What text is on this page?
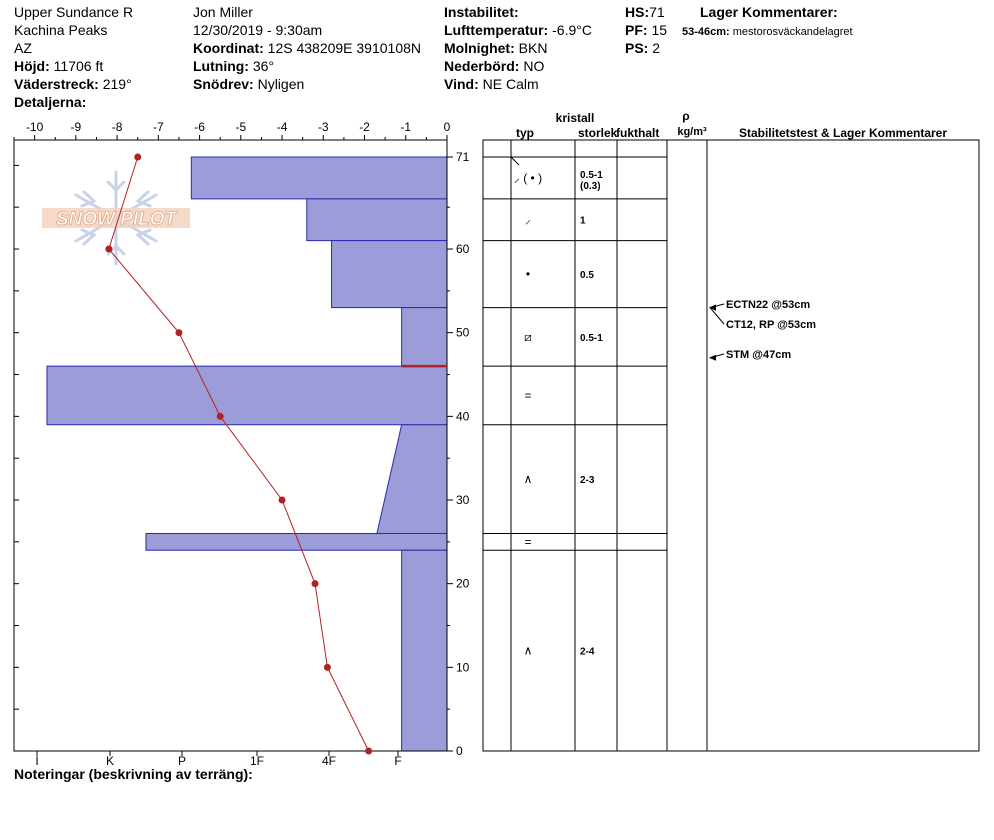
Upper Sundance R
Kachina Peaks
AZ
Höjd: 11706 ft
Väderstreck: 219°
Detaljerna:
Jon Miller
12/30/2019 - 9:30am
Koordinat: 12S 438209E 3910108N
Lutning: 36°
Snödrev: Nyligen
Instabilitet:
Lufttemperatur: -6.9°C
Molnighet: BKN
Nederbörd: NO
Vind: NE Calm
HS:71
PF: 15
PS: 2
Lager Kommentarer:
53-46cm: mestorosväckandelagret
SNOW PILOT
-10 -9	-8	-7	-6	-5	-4	-3	-2	-1	0
0
10
20
30
40
50
60
71
I	K	P	1F	4F	F
kristall
typ	storlek
fukthalt
ρ
kg/m³	Stabilitetstest & Lager Kommentarer
⸝ ( • )	0.5-1
(0.3)
⸝	1
•	0.5
⧄	0.5-1
=
∧	2-3
=
∧	2-4
ECTN22 @53cm
CT12, RP @53cm
STM @47cm
Noteringar (beskrivning av terräng):
